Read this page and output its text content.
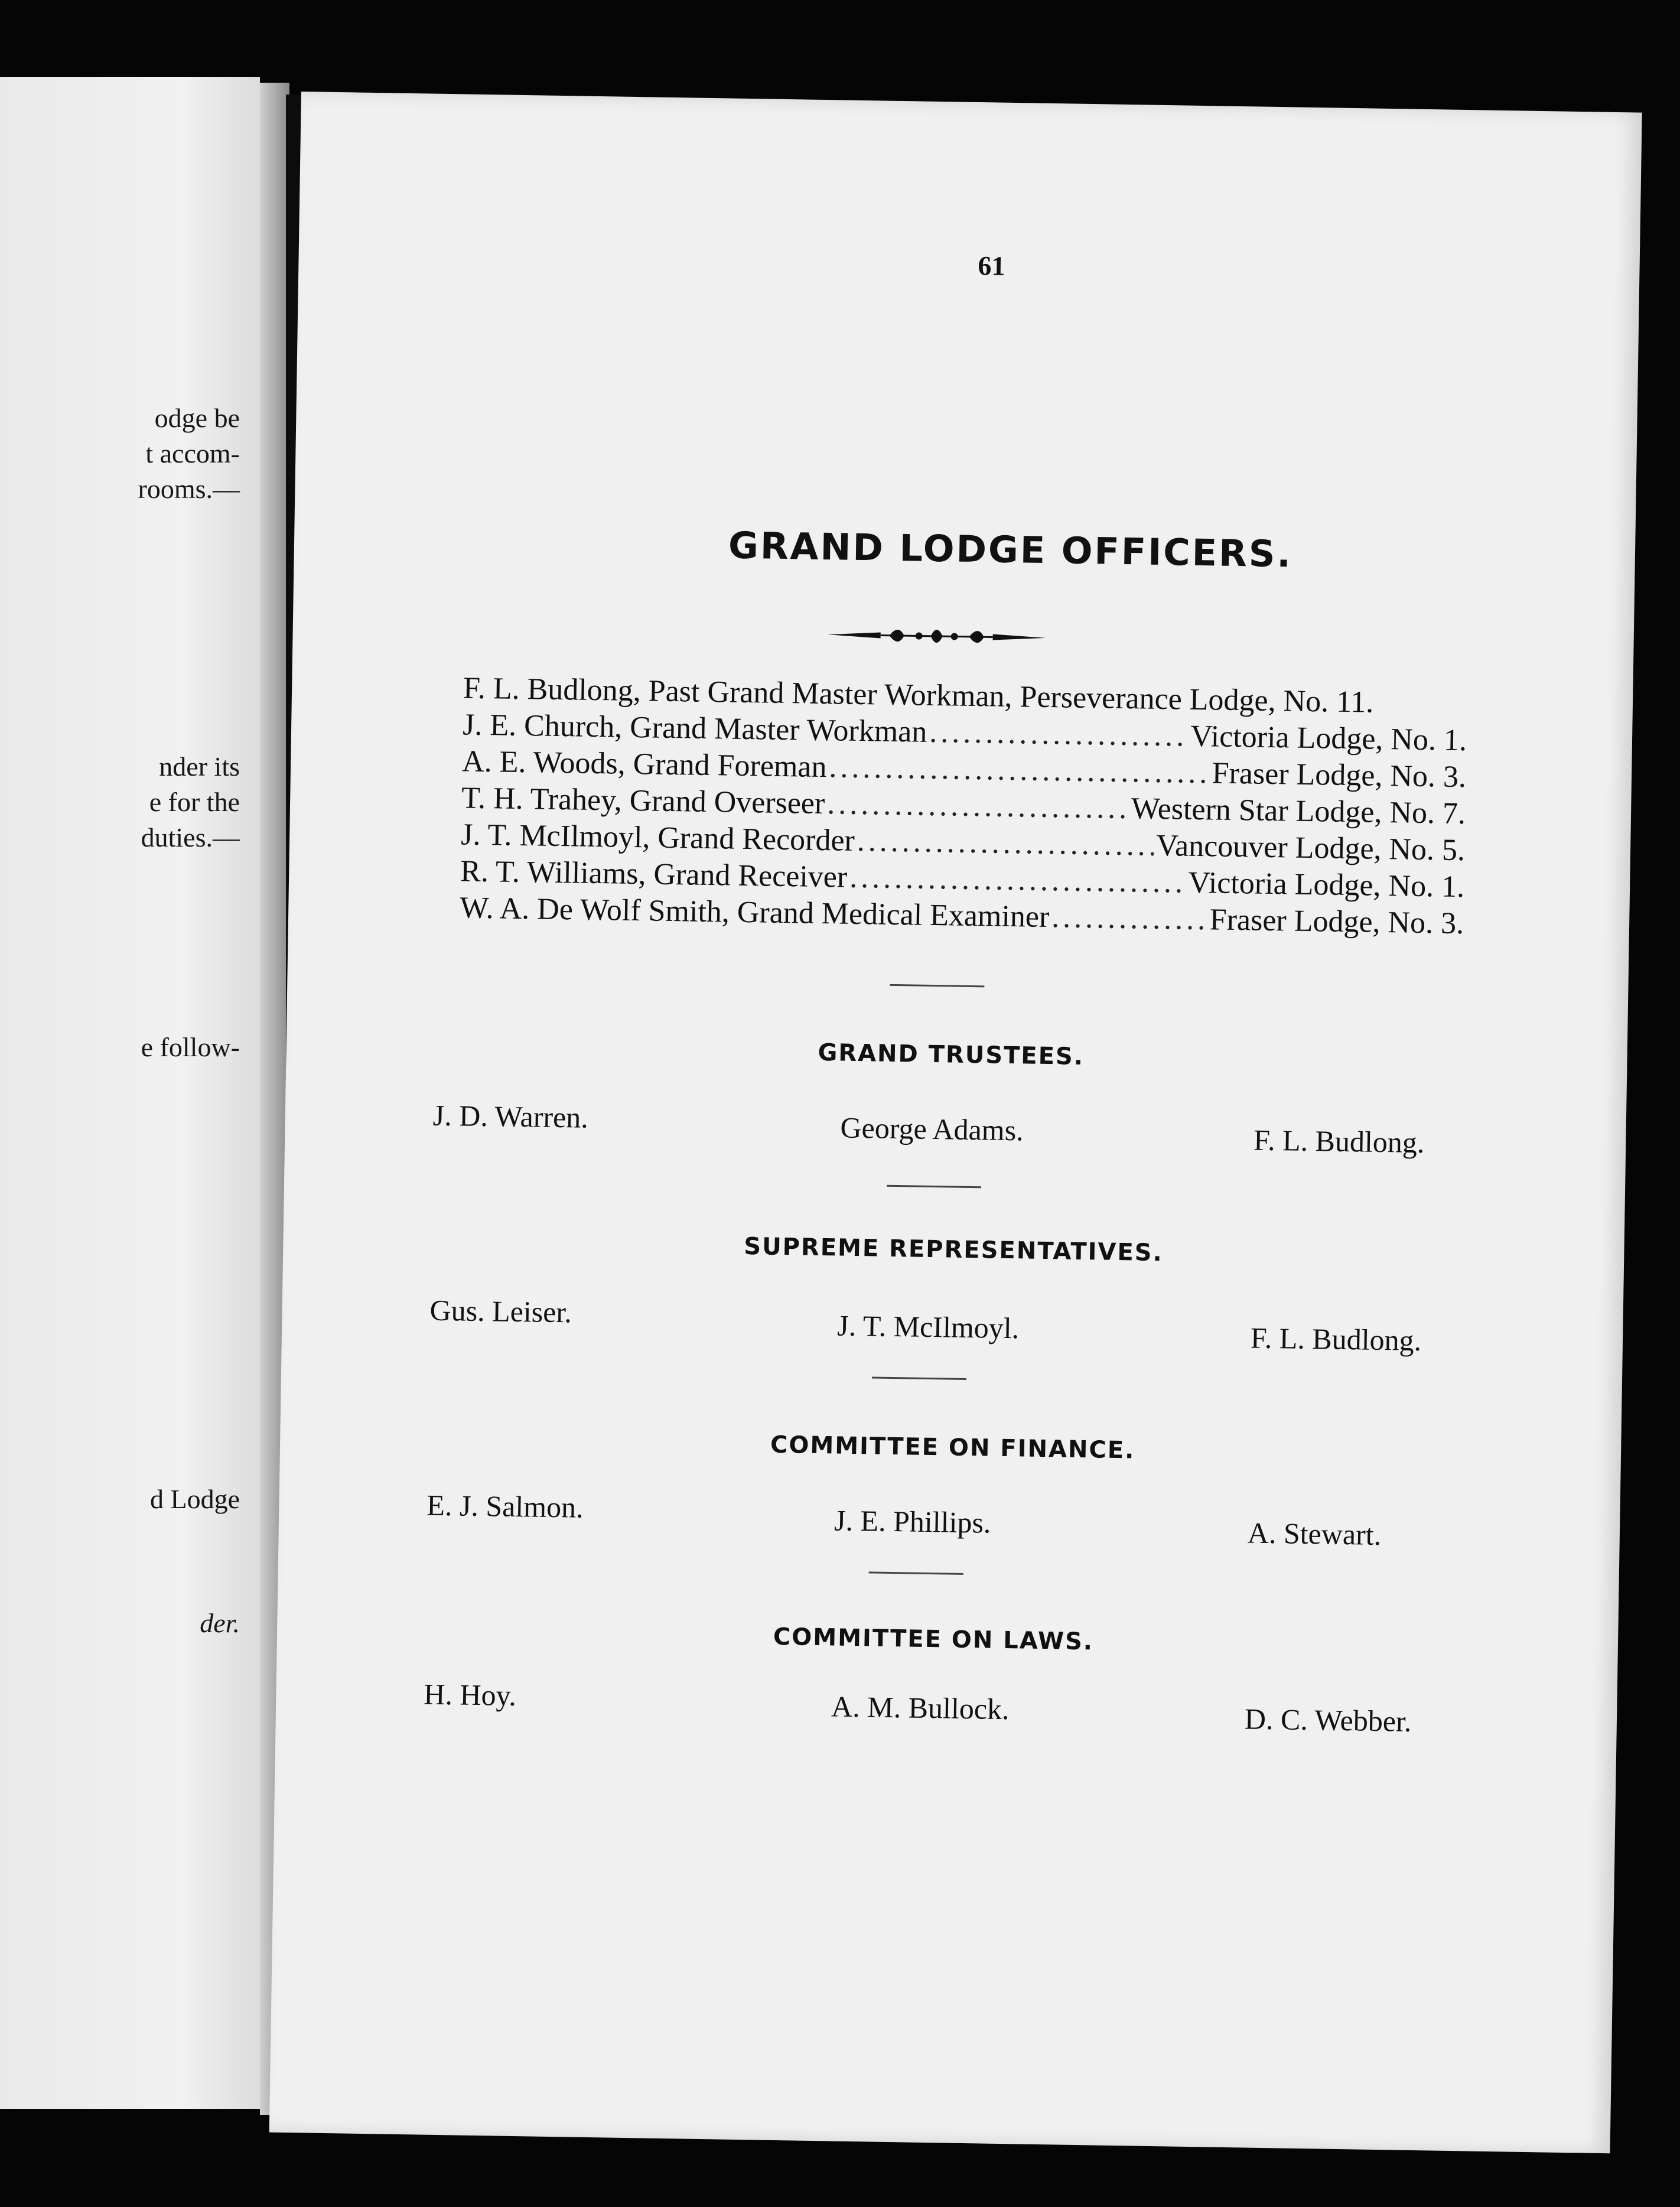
odge be
t accom-
rooms.—
nder its
e for the
duties.—
e follow-
d Lodge
der.
61
GRAND LODGE OFFICERS.
F. L. Budlong, Past Grand Master Workman, Perseverance Lodge, No. 11.
J. E. Church, Grand Master Workman .....	Victoria Lodge, No. 1.
A. E. Woods, Grand Foreman .....	Fraser Lodge, No. 3.
T. H. Trahey, Grand Overseer .....	Western Star Lodge, No. 7.
J. T. McIlmoyl, Grand Recorder .....	Vancouver Lodge, No. 5.
R. T. Williams, Grand Receiver .....	Victoria Lodge, No. 1.
W. A. De Wolf Smith, Grand Medical Examiner .....	Fraser Lodge, No. 3.
GRAND TRUSTEES.
J. D. Warren.	George Adams.	F. L. Budlong.
SUPREME REPRESENTATIVES.
Gus. Leiser.	J. T. McIlmoyl.	F. L. Budlong.
COMMITTEE ON FINANCE.
E. J. Salmon.	J. E. Phillips.	A. Stewart.
COMMITTEE ON LAWS.
H. Hoy.	A. M. Bullock.	D. C. Webber.
